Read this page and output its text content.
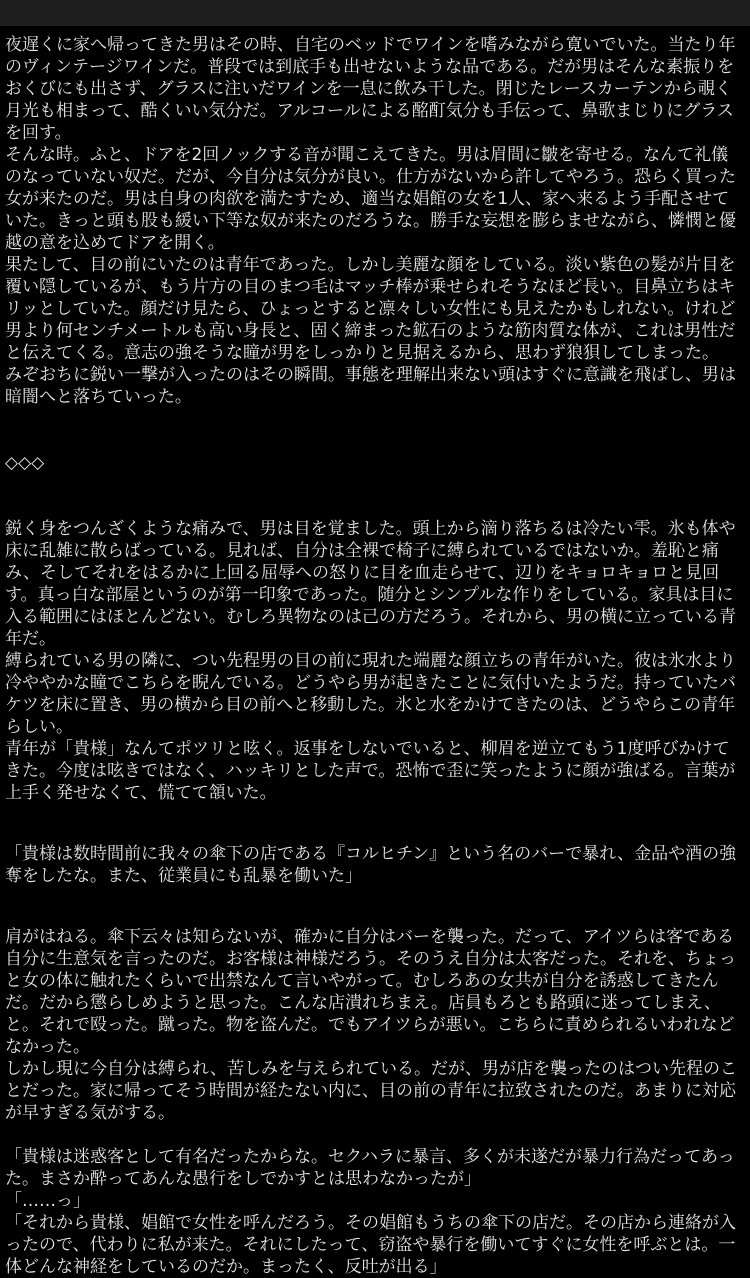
夜遅くに家へ帰ってきた男はその時、自宅のベッドでワインを嗜みながら寛いでいた。当たり年のヴィンテージワインだ。普段では到底手も出せないような品である。だが男はそんな素振りをおくびにも出さず、グラスに注いだワインを一息に飲み干した。閉じたレースカーテンから覗く月光も相まって、酷くいい気分だ。アルコールによる酩酊気分も手伝って、鼻歌まじりにグラスを回す。

そんな時。ふと、ドアを2回ノックする音が聞こえてきた。男は眉間に皺を寄せる。なんて礼儀のなっていない奴だ。だが、今自分は気分が良い。仕方がないから許してやろう。恐らく買った女が来たのだ。男は自身の肉欲を満たすため、適当な娼館の女を1人、家へ来るよう手配させていた。きっと頭も股も緩い下等な奴が来たのだろうな。勝手な妄想を膨らませながら、憐憫と優越の意を込めてドアを開く。

果たして、目の前にいたのは青年であった。しかし美麗な顔をしている。淡い紫色の髪が片目を覆い隠しているが、もう片方の目のまつ毛はマッチ棒が乗せられそうなほど長い。目鼻立ちはキリッとしていた。顔だけ見たら、ひょっとすると凛々しい女性にも見えたかもしれない。けれど男より何センチメートルも高い身長と、固く締まった鉱石のような筋肉質な体が、これは男性だと伝えてくる。意志の強そうな瞳が男をしっかりと見据えるから、思わず狼狽してしまった。

みぞおちに鋭い一撃が入ったのはその瞬間。事態を理解出来ない頭はすぐに意識を飛ばし、男は暗闇へと落ちていった。

◇◇◇

鋭く身をつんざくような痛みで、男は目を覚ました。頭上から滴り落ちるは冷たい雫。氷も体や床に乱雑に散らばっている。見れば、自分は全裸で椅子に縛られているではないか。羞恥と痛み、そしてそれをはるかに上回る屈辱への怒りに目を血走らせて、辺りをキョロキョロと見回す。真っ白な部屋というのが第一印象であった。随分とシンプルな作りをしている。家具は目に入る範囲にはほとんどない。むしろ異物なのは己の方だろう。それから、男の横に立っている青年だ。

縛られている男の隣に、つい先程男の目の前に現れた端麗な顔立ちの青年がいた。彼は氷水より冷ややかな瞳でこちらを睨んでいる。どうやら男が起きたことに気付いたようだ。持っていたバケツを床に置き、男の横から目の前へと移動した。氷と水をかけてきたのは、どうやらこの青年らしい。

青年が「貴様」なんてポツリと呟く。返事をしないでいると、柳眉を逆立てもう1度呼びかけてきた。今度は呟きではなく、ハッキリとした声で。恐怖で歪に笑ったように顔が強ばる。言葉が上手く発せなくて、慌てて頷いた。

「貴様は数時間前に我々の傘下の店である『コルヒチン』という名のバーで暴れ、金品や酒の強奪をしたな。また、従業員にも乱暴を働いた」

肩がはねる。傘下云々は知らないが、確かに自分はバーを襲った。だって、アイツらは客である自分に生意気を言ったのだ。お客様は神様だろう。そのうえ自分は太客だった。それを、ちょっと女の体に触れたくらいで出禁なんて言いやがって。むしろあの女共が自分を誘惑してきたんだ。だから懲らしめようと思った。こんな店潰れちまえ。店員もろとも路頭に迷ってしまえ、と。それで殴った。蹴った。物を盗んだ。でもアイツらが悪い。こちらに責められるいわれなどなかった。

しかし現に今自分は縛られ、苦しみを与えられている。だが、男が店を襲ったのはつい先程のことだった。家に帰ってそう時間が経たない内に、目の前の青年に拉致されたのだ。あまりに対応が早すぎる気がする。

「貴様は迷惑客として有名だったからな。セクハラに暴言、多くが未遂だが暴力行為だってあった。まさか酔ってあんな愚行をしでかすとは思わなかったが」

「……っ」

「それから貴様、娼館で女性を呼んだろう。その娼館もうちの傘下の店だ。その店から連絡が入ったので、代わりに私が来た。それにしたって、窃盗や暴行を働いてすぐに女性を呼ぶとは。一体どんな神経をしているのだか。まったく、反吐が出る」
